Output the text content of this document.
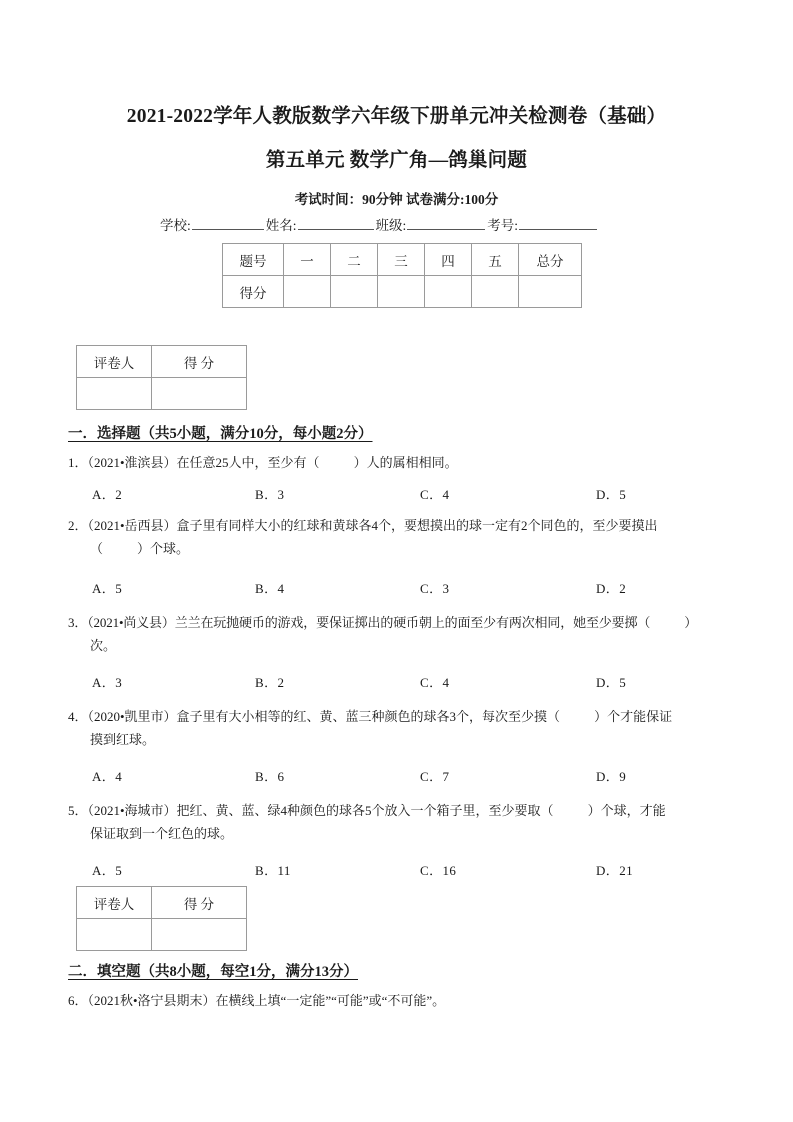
2021-2022学年人教版数学六年级下册单元冲关检测卷（基础）
第五单元 数学广角—鸽巢问题
考试时间：90分钟 试卷满分:100分
学校:	姓名:	班级:	考号:
题号	一	二	三	四	五	总分
得分						
评卷人	得 分

一．选择题（共5小题，满分10分，每小题2分）
1．（2021•淮滨县）在任意25人中，至少有（	）人的属相相同。
A．2	B．3	C．4	D．5
2．（2021•岳西县）盒子里有同样大小的红球和黄球各4个，要想摸出的球一定有2个同色的，至少要摸出
（	）个球。
A．5	B．4	C．3	D．2
3．（2021•尚义县）兰兰在玩抛硬币的游戏，要保证掷出的硬币朝上的面至少有两次相同，她至少要掷（	）
次。
A．3	B．2	C．4	D．5
4．（2020•凯里市）盒子里有大小相等的红、黄、蓝三种颜色的球各3个，每次至少摸（	）个才能保证
摸到红球。
A．4	B．6	C．7	D．9
5．（2021•海城市）把红、黄、蓝、绿4种颜色的球各5个放入一个箱子里，至少要取（	）个球，才能
保证取到一个红色的球。
A．5	B．11	C．16	D．21
评卷人	得 分

二．填空题（共8小题，每空1分，满分13分）
6．（2021秋•洛宁县期末）在横线上填“一定能”“可能”或“不可能”。
